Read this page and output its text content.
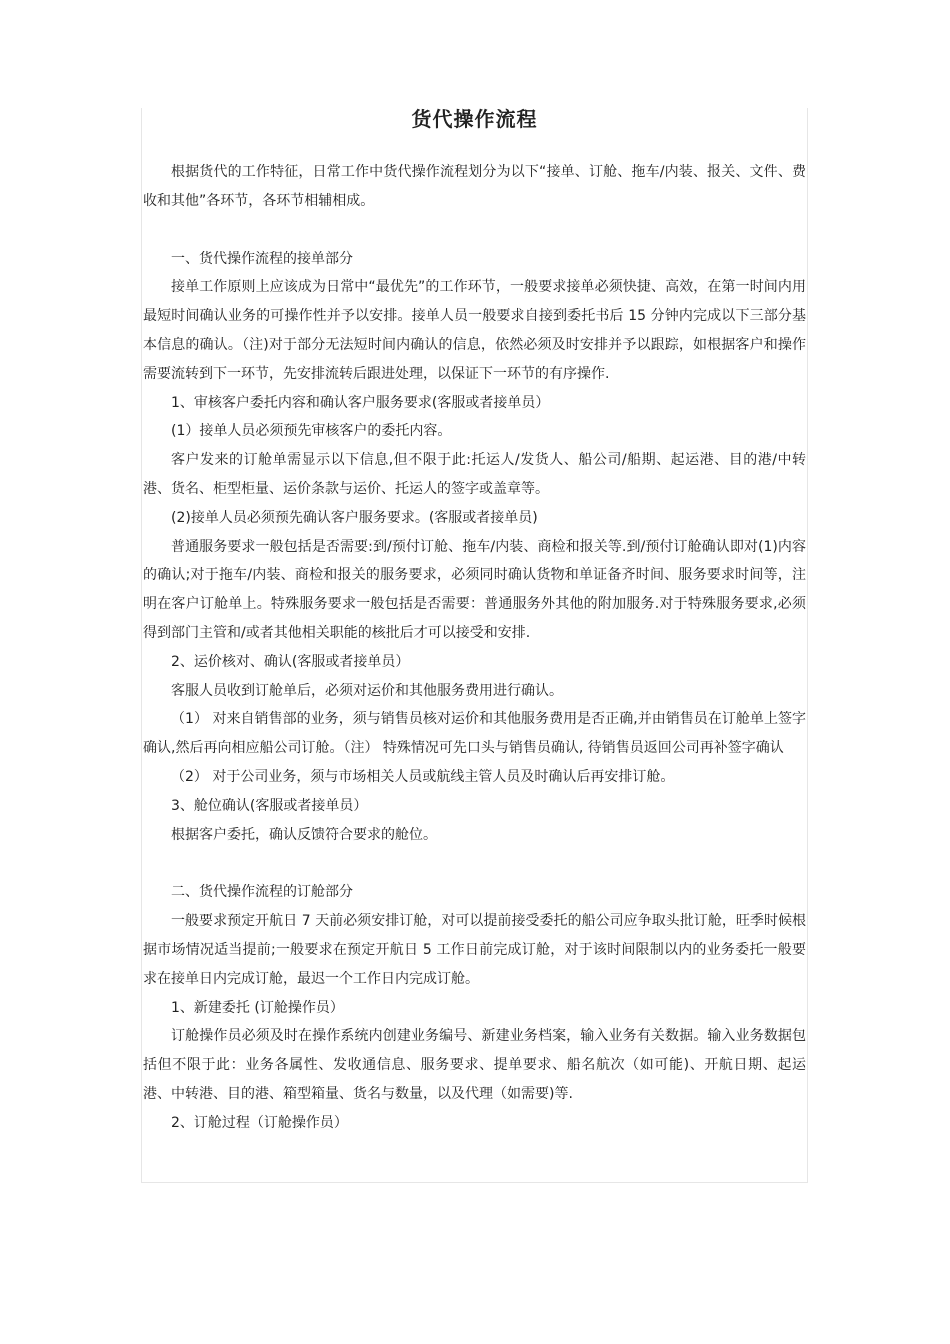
货代操作流程

根据货代的工作特征，日常工作中货代操作流程划分为以下“接单、订舱、拖车/内装、报关、文件、费收和其他”各环节，各环节相辅相成。

一、货代操作流程的接单部分

接单工作原则上应该成为日常中“最优先”的工作环节，一般要求接单必须快捷、高效，在第一时间内用最短时间确认业务的可操作性并予以安排。接单人员一般要求自接到委托书后 15 分钟内完成以下三部分基本信息的确认。（注)对于部分无法短时间内确认的信息，依然必须及时安排并予以跟踪，如根据客户和操作需要流转到下一环节，先安排流转后跟进处理，以保证下一环节的有序操作.

1、审核客户委托内容和确认客户服务要求(客服或者接单员）

(1）接单人员必须预先审核客户的委托内容。

客户发来的订舱单需显示以下信息,但不限于此:托运人/发货人、船公司/船期、起运港、目的港/中转港、货名、柜型柜量、运价条款与运价、托运人的签字或盖章等。

(2)接单人员必须预先确认客户服务要求。(客服或者接单员)

普通服务要求一般包括是否需要:到/预付订舱、拖车/内装、商检和报关等.到/预付订舱确认即对(1)内容的确认;对于拖车/内装、商检和报关的服务要求，必须同时确认货物和单证备齐时间、服务要求时间等，注明在客户订舱单上。特殊服务要求一般包括是否需要：普通服务外其他的附加服务.对于特殊服务要求,必须得到部门主管和/或者其他相关职能的核批后才可以接受和安排.

2、运价核对、确认(客服或者接单员）

客服人员收到订舱单后，必须对运价和其他服务费用进行确认。

（1） 对来自销售部的业务，须与销售员核对运价和其他服务费用是否正确,并由销售员在订舱单上签字确认,然后再向相应船公司订舱。（注） 特殊情况可先口头与销售员确认, 待销售员返回公司再补签字确认

（2） 对于公司业务，须与市场相关人员或航线主管人员及时确认后再安排订舱。

3、舱位确认(客服或者接单员）

根据客户委托，确认反馈符合要求的舱位。

二、货代操作流程的订舱部分

一般要求预定开航日 7 天前必须安排订舱，对可以提前接受委托的船公司应争取头批订舱，旺季时候根据市场情况适当提前;一般要求在预定开航日 5 工作日前完成订舱，对于该时间限制以内的业务委托一般要求在接单日内完成订舱，最迟一个工作日内完成订舱。

1、新建委托 (订舱操作员）

订舱操作员必须及时在操作系统内创建业务编号、新建业务档案，输入业务有关数据。输入业务数据包括但不限于此：业务各属性、发收通信息、服务要求、提单要求、船名航次（如可能)、开航日期、起运港、中转港、目的港、箱型箱量、货名与数量，以及代理（如需要)等.

2、订舱过程（订舱操作员）
